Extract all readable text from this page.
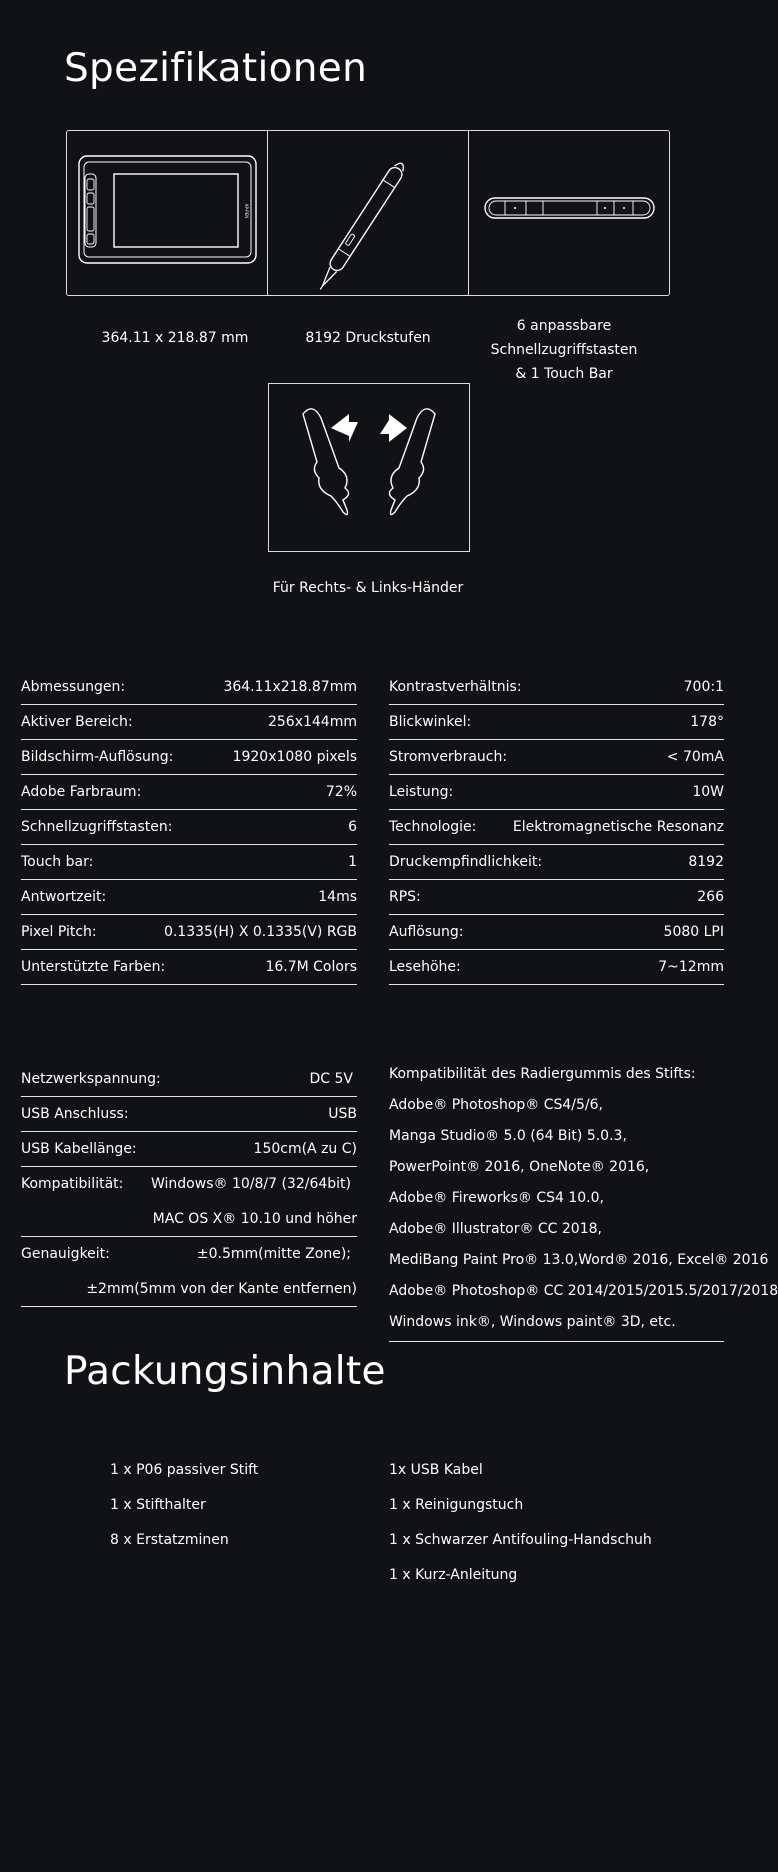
Spezifikationen
XP-PEN
364.11 x 218.87 mm	8192 Druckstufen
6 anpassbare Schnellzugriffstasten
& 1 Touch Bar
Für Rechts- & Links-Händer
Abmessungen:	364.11x218.87mm
Aktiver Bereich:	256x144mm
Bildschirm-Auflösung:	1920x1080 pixels
Adobe Farbraum:	72%
Schnellzugriffstasten:	6
Touch bar:	1
Antwortzeit:	14ms
Pixel Pitch:	0.1335(H) X 0.1335(V) RGB
Unterstützte Farben:	16.7M Colors
Kontrastverhältnis:	700:1
Blickwinkel:	178°
Stromverbrauch:	< 70mA
Leistung:	10W
Technologie:	Elektromagnetische Resonanz
Druckempfindlichkeit:	8192
RPS:	266
Auflösung:	5080 LPI
Lesehöhe:	7~12mm
Netzwerkspannung:	DC 5V
USB Anschluss:	USB
USB Kabellänge:	150cm(A zu C)
Kompatibilität: Windows® 10/8/7 (32/64bit)
MAC OS X® 10.10 und höher
Genauigkeit:	±0.5mm(mitte Zone);
±2mm(5mm von der Kante entfernen)
Kompatibilität des Radiergummis des Stifts:
Adobe® Photoshop® CS4/5/6,
Manga Studio® 5.0 (64 Bit) 5.0.3,
PowerPoint® 2016, OneNote® 2016,
Adobe® Fireworks® CS4 10.0,
Adobe® Illustrator® CC 2018,
MediBang Paint Pro® 13.0,Word® 2016, Excel® 2016
Adobe® Photoshop® CC 2014/2015/2015.5/2017/2018
Windows ink®, Windows paint® 3D, etc.
Packungsinhalte
1 x P06 passiver Stift
1 x Stifthalter
8 x Erstatzminen
1x USB Kabel
1 x Reinigungstuch
1 x Schwarzer Antifouling-Handschuh
1 x Kurz-Anleitung
